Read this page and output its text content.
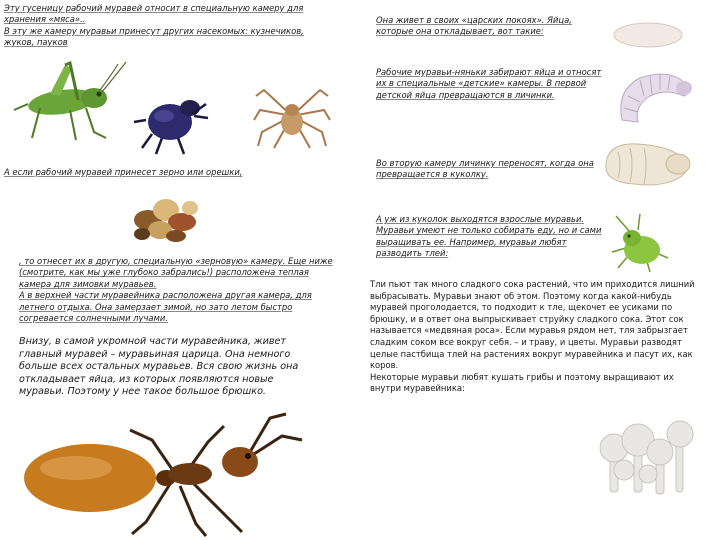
Эту гусеницу рабочий муравей относит в специальную камеру для хранения «мяса»..

В эту же камеру муравьи принесут других насекомых: кузнечиков, жуков, пауков

А если рабочий муравей принесет зерно или орешки,

, то отнесет их в другую, специальную «зерновую» камеру. Еще ниже (смотрите, как мы уже глубоко забрались!) расположена теплая камера для зимовки муравьев.

А в верхней части муравейника расположена другая камера, для летнего отдыха. Она замерзает зимой, но зато летом быстро согревается солнечными лучами.

Внизу, в самой укромной части муравейника, живет главный муравей – муравьиная царица. Она немного больше всех остальных муравьев. Вся свою жизнь она откладывает яйца, из которых появляются новые муравьи. Поэтому у нее такое большое брюшко.

Она живет в своих «царских покоях». Яйца, которые она откладывает, вот такие:

Рабочие муравьи-няньки забирают яйца и относят их в специальные «детские» камеры. В первой детской яйца превращаются в личинки.

Во вторую камеру личинку переносят, когда она превращается в куколку.

А уж из куколок выходятся взрослые муравьи. Муравьи умеют не только собирать еду, но и сами выращивать ее. Например, муравьи любят разводить тлей:

Тли пьют так много сладкого сока растений, что им приходится лишний выбрасывать. Муравьи знают об этом. Поэтому когда какой-нибудь муравей проголодается, то подходит к тле, щекочет ее усиками по брюшку, и в ответ она выпрыскивает струйку сладкого сока. Этот сок называется «медвяная роса». Если муравья рядом нет, тля забрызгает сладким соком все вокруг себя. – и траву, и цветы. Муравьи разводят целые пастбища тлей на растениях вокруг муравейника и пасут их, как коров.

Некоторые муравьи любят кушать грибы и поэтому выращивают их внутри муравейника:
